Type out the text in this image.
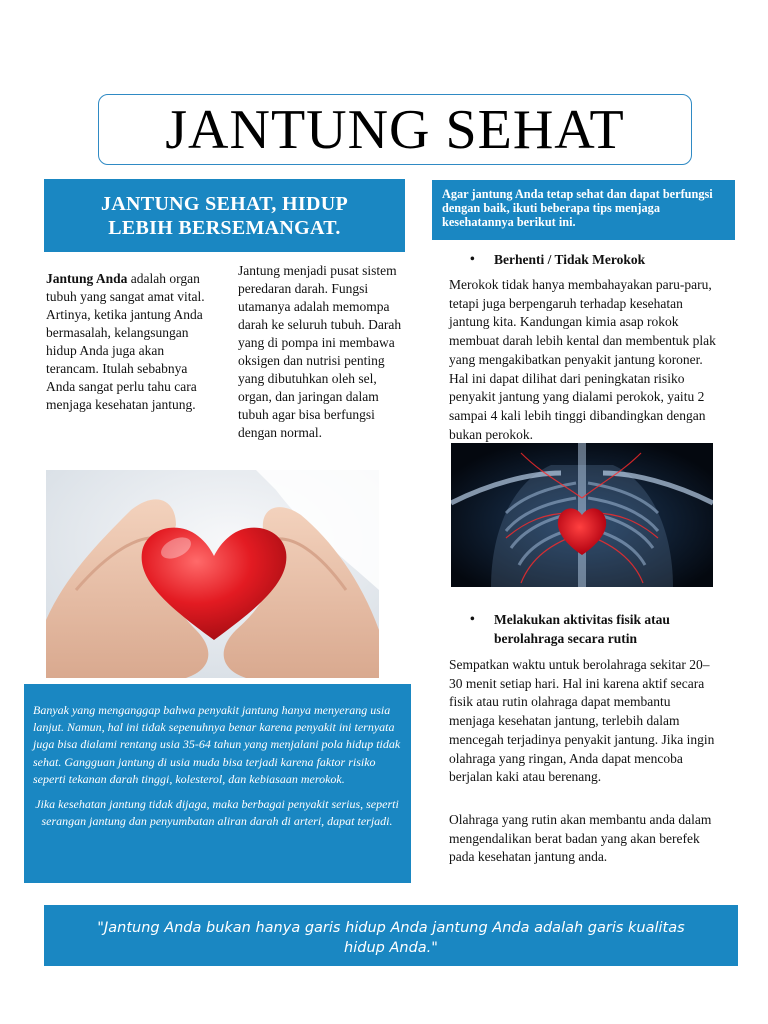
JANTUNG SEHAT
JANTUNG SEHAT, HIDUP
LEBIH BERSEMANGAT.
Agar jantung Anda tetap sehat dan dapat berfungsi dengan baik, ikuti beberapa tips menjaga kesehatannya berikut ini.
Jantung Anda adalah organ tubuh yang sangat amat vital. Artinya, ketika jantung Anda bermasalah, kelangsungan hidup Anda juga akan terancam. Itulah sebabnya Anda sangat perlu tahu cara menjaga kesehatan jantung.
Jantung menjadi pusat sistem peredaran darah. Fungsi utamanya adalah memompa darah ke seluruh tubuh. Darah yang di pompa ini membawa oksigen dan nutrisi penting yang dibutuhkan oleh sel, organ, dan jaringan dalam tubuh agar bisa berfungsi dengan normal.
• Berhenti / Tidak Merokok
Merokok tidak hanya membahayakan paru-paru, tetapi juga berpengaruh terhadap kesehatan jantung kita. Kandungan kimia asap rokok membuat darah lebih kental dan membentuk plak yang mengakibatkan penyakit jantung koroner. Hal ini dapat dilihat dari peningkatan risiko penyakit jantung yang dialami perokok, yaitu 2 sampai 4 kali lebih tinggi dibandingkan dengan bukan perokok.
• Melakukan aktivitas fisik atau
berolahraga secara rutin
Sempatkan waktu untuk berolahraga sekitar 20–30 menit setiap hari. Hal ini karena aktif secara fisik atau rutin olahraga dapat membantu menjaga kesehatan jantung, terlebih dalam mencegah terjadinya penyakit jantung. Jika ingin olahraga yang ringan, Anda dapat mencoba berjalan kaki atau berenang.
Olahraga yang rutin akan membantu anda dalam mengendalikan berat badan yang akan berefek pada kesehatan jantung anda.

Banyak yang menganggap bahwa penyakit jantung hanya menyerang usia lanjut. Namun, hal ini tidak sepenuhnya benar karena penyakit ini ternyata juga bisa dialami rentang usia 35-64 tahun yang menjalani pola hidup tidak sehat. Gangguan jantung di usia muda bisa terjadi karena faktor risiko seperti tekanan darah tinggi, kolesterol, dan kebiasaan merokok.

Jika kesehatan jantung tidak dijaga, maka berbagai penyakit serius, seperti serangan jantung dan penyumbatan aliran darah di arteri, dapat terjadi.

"Jantung Anda bukan hanya garis hidup Anda jantung Anda adalah garis kualitas hidup Anda."
